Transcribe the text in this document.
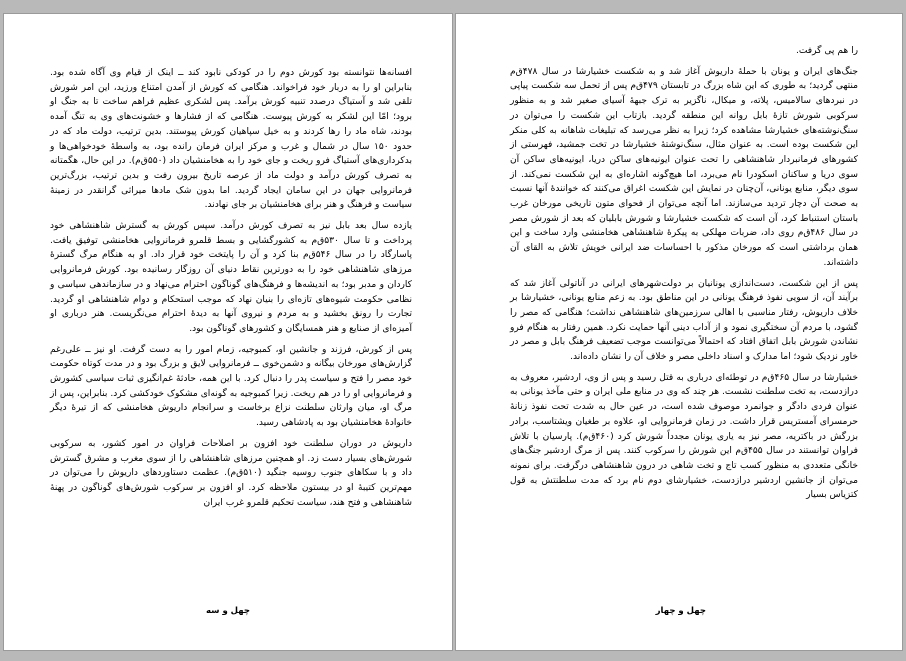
افسانه‌ها نتوانسته بود کورش دوم را در کودکی نابود کند ــ اینک از قیام وی آگاه شده بود. بنابراین او را به دربار خود فراخواند. هنگامی که کورش از آمدن امتناع ورزید، این امر شورش تلقی شد و آستیاگ درصدد تنبیه کورش برآمد. پس لشکری عظیم فراهم ساخت تا به جنگ او برود؛ امّا این لشکر به کورش پیوست. هنگامی که از فشارها و خشونت‌های وی به تنگ آمده بودند، شاه ماد را رها کردند و به خیل سپاهیان کورش پیوستند. بدین ترتیب، دولت ماد که در حدود ۱۵۰ سال در شمال و غرب و مرکز ایران فرمان رانده بود، به واسطهٔ خودخواهی‌ها و بدکرداری‌های آستیاگ فرو ریخت و جای خود را به هخامنشیان داد (۵۵۰ق‌م). در این حال، هگمتانه به تصرف کورش درآمد و دولت ماد از عرصه تاریخ بیرون رفت و بدین ترتیب، بزرگ‌ترین فرمانروایی جهان در این سامان ایجاد گردید. اما بدون شک مادها میراثی گرانقدر در زمینهٔ سیاست و فرهنگ و هنر برای هخامنشیان بر جای نهادند.

یازده سال بعد بابل نیز به تصرف کورش درآمد. سپس کورش به گسترش شاهنشاهی خود پرداخت و تا سال ۵۳۰ق‌م به کشورگشایی و بسط قلمرو فرمانروایی هخامنشی توفیق یافت. پاسارگاد را در سال ۵۴۶ق‌م بنا کرد و آن را پایتخت خود قرار داد. او به هنگام مرگ گسترهٔ مرزهای شاهنشاهی خود را به دورترین نقاط دنیای آن روزگار رسانیده بود. کورش فرمانروایی کاردان و مدبر بود؛ به اندیشه‌ها و فرهنگ‌های گوناگون احترام می‌نهاد و در سازماندهی سیاسی و نظامی حکومت شیوه‌های تازه‌ای را بنیان نهاد که موجب استحکام و دوام شاهنشاهی او گردید. تجارت را رونق بخشید و به مردم و نیروی آنها به دیدهٔ احترام می‌نگریست. هنر درباری او آمیزه‌ای از صنایع و هنر همسایگان و کشورهای گوناگون بود.

پس از کورش، فرزند و جانشین او، کمبوجیه، زمام امور را به دست گرفت. او نیز ــ علی‌رغم گزارش‌های مورخان بیگانه و دشمن‌خوی ــ فرمانروایی لایق و بزرگ بود و در مدت کوتاه حکومت خود مصر را فتح و سیاست پدر را دنبال کرد. با این همه، حادثهٔ غم‌انگیزی ثبات سیاسی کشورش و فرمانروایی او را در هم ریخت. زیرا کمبوجیه به گونه‌ای مشکوک خودکشی کرد. بنابراین، پس از مرگ او، میان وارثان سلطنت نزاع برخاست و سرانجام داریوش هخامنشی که از تیرهٔ دیگر خانوادهٔ هخامنشیان بود به پادشاهی رسید.

داریوش در دوران سلطنت خود افزون بر اصلاحات فراوان در امور کشور، به سرکوبی شورش‌های بسیار دست زد. او همچنین مرزهای شاهنشاهی را از سوی مغرب و مشرق گسترش داد و با سکاهای جنوب روسیه جنگید (۵۱۰ق‌م). عظمت دستاوردهای داریوش را می‌توان در مهم‌ترین کتیبهٔ او در بیستون ملاحظه کرد. او افزون بر سرکوب شورش‌های گوناگون در پهنهٔ شاهنشاهی و فتح هند، سیاست تحکیم قلمرو غرب ایران

چهل و سه

را هم پی گرفت.

جنگ‌های ایران و یونان با حملهٔ داریوش آغاز شد و به شکست خشیارشا در سال ۴۷۸ق‌م منتهی گردید؛ به طوری که این شاه بزرگ در تابستان ۴۷۹ق‌م پس از تحمل سه شکست پیاپی در نبردهای سالامیس، پلاته، و میکال، ناگزیر به ترک جبههٔ آسیای صغیر شد و به منظور سرکوبی شورش تازهٔ بابل روانه این منطقه گردید. بازتاب این شکست را می‌توان در سنگ‌نوشته‌های خشیارشا مشاهده کرد؛ زیرا به نظر می‌رسد که تبلیغات شاهانه به کلی منکر این شکست بوده است. به عنوان مثال، سنگ‌نوشتهٔ خشیارشا در تخت جمشید، فهرستی از کشورهای فرمانبردار شاهنشاهی را تحت عنوان ایونیه‌های ساکن دریا، ایونیه‌های ساکن آن سوی دریا و ساکنان اسکودرا نام می‌برد، اما هیچ‌گونه اشاره‌ای به این شکست نمی‌کند. از سوی دیگر، منابع یونانی، آن‌چنان در نمایش این شکست اغراق می‌کنند که خوانندهٔ آنها نسبت به صحت آن دچار تردید می‌سازند. اما آنچه می‌توان از فحوای متون تاریخی مورخان غرب باستان استنباط کرد، آن است که شکست خشیارشا و شورش بابلیان که بعد از شورش مصر در سال ۴۸۶ق‌م روی داد، ضربات مهلکی به پیکرهٔ شاهنشاهی هخامنشی وارد ساخت و این همان برداشتی است که مورخان مذکور با احساسات ضد ایرانی خویش تلاش به القای آن داشته‌اند.

پس از این شکست، دست‌اندازی یونانیان بر دولت‌شهرهای ایرانی در آناتولی آغاز شد که برآیند آن، از سویی نفوذ فرهنگ یونانی در این مناطق بود. به زعم منابع یونانی، خشیارشا بر خلاف داریوش، رفتار مناسبی با اهالی سرزمین‌های شاهنشاهی نداشت؛ هنگامی که مصر را گشود، با مردم آن سختگیری نمود و از آداب دینی آنها حمایت نکرد. همین رفتار به هنگام فرو نشاندن شورش بابل اتفاق افتاد که احتمالاً می‌توانست موجب تضعیف فرهنگ بابل و مصر در خاور نزدیک شود؛ اما مدارک و اسناد داخلی مصر و خلاف آن را نشان داده‌اند.

خشیارشا در سال ۴۶۵ق‌م در توطئه‌ای درباری به قتل رسید و پس از وی، اردشیر، معروف به درازدست، به تخت سلطنت نشست. هر چند که وی در منابع ملی ایران و حتی مآخذ یونانی به عنوان فردی دادگر و جوانمرد موصوف شده است، در عین حال به شدت تحت نفوذ زنانهٔ حرمسرای آمستریس قرار داشت. در زمان فرمانروایی او، علاوه بر طغیان ویشتاسب، برادر بزرگش در باکتریه، مصر نیز به یاری یونان مجدداً شورش کرد (۴۶۰ق‌م). پارسیان با تلاش فراوان توانستند در سال ۴۵۵ق‌م این شورش را سرکوب کنند. پس از مرگ اردشیر جنگ‌های خانگی متعددی به منظور کسب تاج و تخت شاهی در درون شاهنشاهی درگرفت. برای نمونه می‌توان از جانشین اردشیر درازدست، خشیارشای دوم نام برد که مدت سلطنتش به قول کتزیاس بسیار

چهل و چهار
